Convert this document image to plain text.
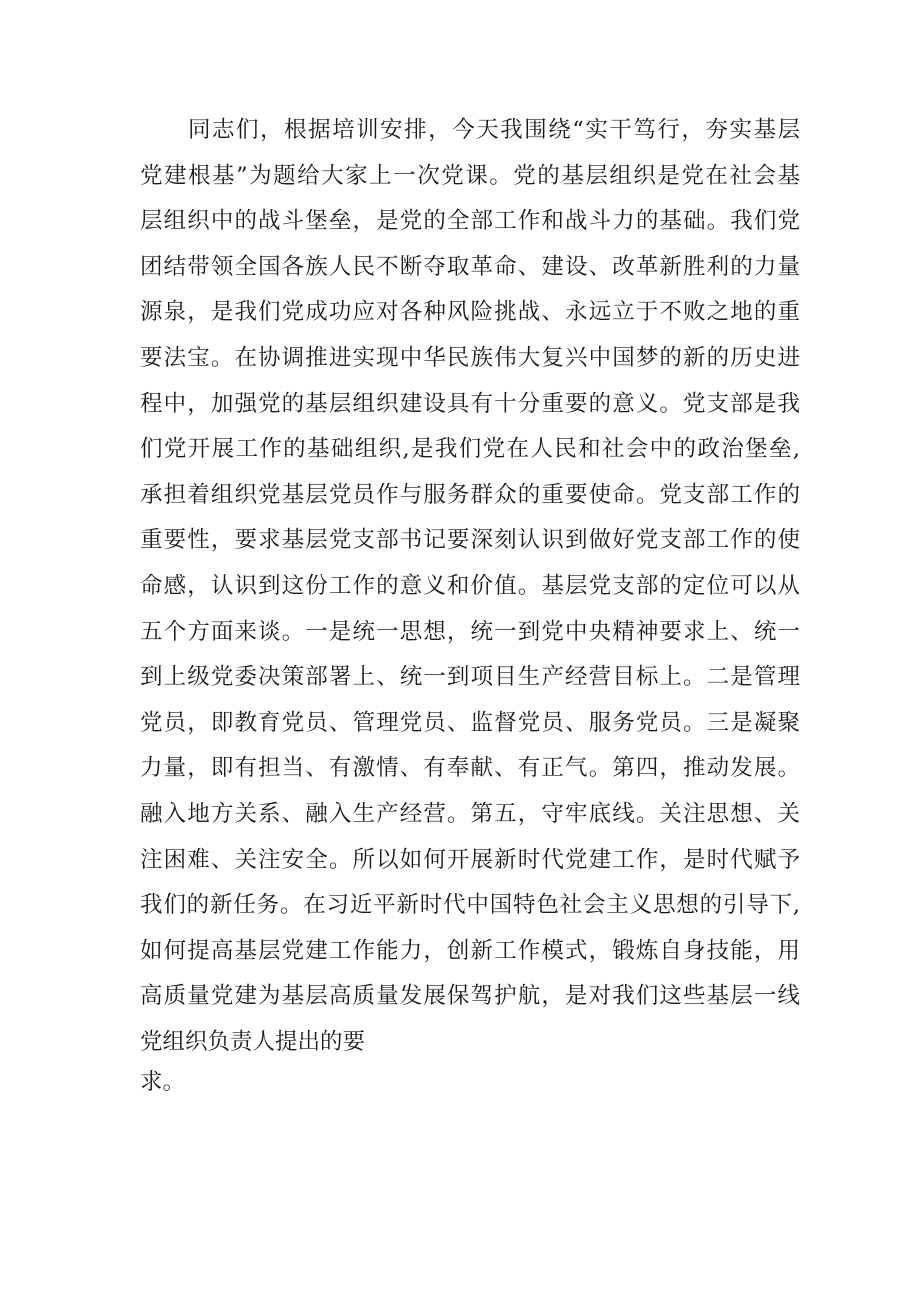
同志们，根据培训安排，今天我围绕“实干笃行，夯实基层
党建根基”为题给大家上一次党课。党的基层组织是党在社会基
层组织中的战斗堡垒，是党的全部工作和战斗力的基础。我们党
团结带领全国各族人民不断夺取革命、建设、改革新胜利的力量
源泉，是我们党成功应对各种风险挑战、永远立于不败之地的重
要法宝。在协调推进实现中华民族伟大复兴中国梦的新的历史进
程中，加强党的基层组织建设具有十分重要的意义。党支部是我
们党开展工作的基础组织,是我们党在人民和社会中的政治堡垒,
承担着组织党基层党员作与服务群众的重要使命。党支部工作的
重要性，要求基层党支部书记要深刻认识到做好党支部工作的使
命感，认识到这份工作的意义和价值。基层党支部的定位可以从
五个方面来谈。一是统一思想，统一到党中央精神要求上、统一
到上级党委决策部署上、统一到项目生产经营目标上。二是管理
党员，即教育党员、管理党员、监督党员、服务党员。三是凝聚
力量，即有担当、有激情、有奉献、有正气。第四，推动发展。
融入地方关系、融入生产经营。第五，守牢底线。关注思想、关
注困难、关注安全。所以如何开展新时代党建工作，是时代赋予
我们的新任务。在习近平新时代中国特色社会主义思想的引导下,
如何提高基层党建工作能力，创新工作模式，锻炼自身技能，用
高质量党建为基层高质量发展保驾护航，是对我们这些基层一线
党组织负责人提出的要
求。
